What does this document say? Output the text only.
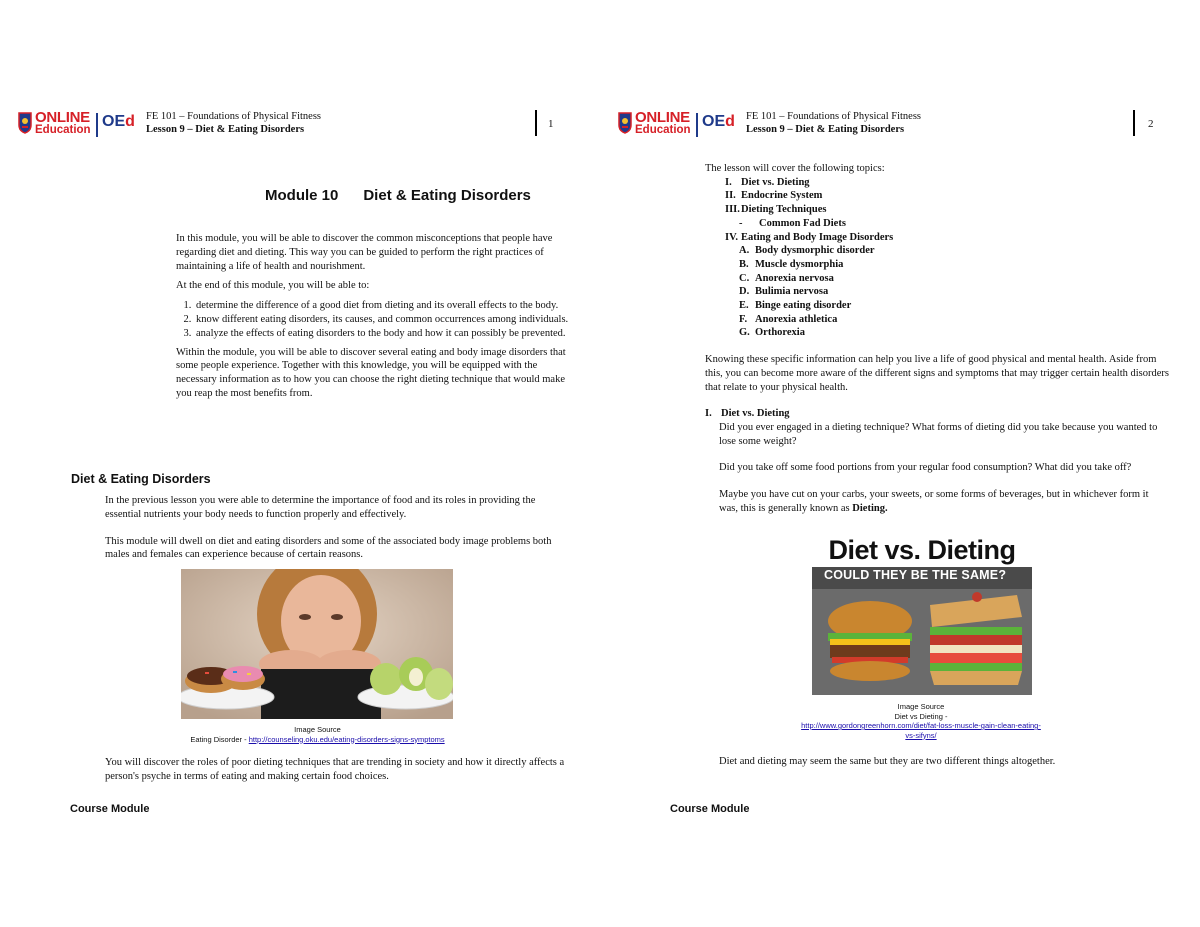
ONLINE
Education OEd FE 101 – Foundations of Physical Fitness
Lesson 9 – Diet & Eating Disorders	1
Module 10      Diet & Eating Disorders

In this module, you will be able to discover the common misconceptions that people have regarding diet and dieting. This way you can be guided to perform the right practices of maintaining a life of health and nourishment.

At the end of this module, you will be able to:

1. determine the difference of a good diet from dieting and its overall effects to the body.
2. know different eating disorders, its causes, and common occurrences among individuals.
3. analyze the effects of eating disorders to the body and how it can possibly be prevented.

Within the module, you will be able to discover several eating and body image disorders that some people experience. Together with this knowledge, you will be equipped with the necessary information as to how you can choose the right dieting technique that would make you reap the most benefits from.

Diet & Eating Disorders

In the previous lesson you were able to determine the importance of food and its roles in providing the essential nutrients your body needs to function properly and effectively.

This module will dwell on diet and eating disorders and some of the associated body image problems both males and females can experience because of certain reasons.

Image Source
Eating Disorder - http://counseling.oku.edu/eating-disorders-signs-symptoms
You will discover the roles of poor dieting techniques that are trending in society and how it directly affects a person's psyche in terms of eating and making certain food choices.
Course Module
ONLINE
Education OEd FE 101 – Foundations of Physical Fitness
Lesson 9 – Diet & Eating Disorders	2
Course Module

The lesson will cover the following topics:

I. Diet vs. Dieting
II. Endocrine System
III.Dieting Techniques
- Common Fad Diets
IV. Eating and Body Image Disorders
A. Body dysmorphic disorder
B. Muscle dysmorphia
C. Anorexia nervosa
D. Bulimia nervosa
E. Binge eating disorder
F. Anorexia athletica
G. Orthorexia

Knowing these specific information can help you live a life of good physical and mental health. Aside from this, you can become more aware of the different signs and symptoms that may trigger certain health disorders that relate to your physical health.

I. Diet vs. Dieting

Did you ever engaged in a dieting technique? What forms of dieting did you take because you wanted to lose some weight?

Did you take off some food portions from your regular food consumption? What did you take off?

Maybe you have cut on your carbs, your sweets, or some forms of beverages, but in whichever form it was, this is generally known as Dieting.

Diet vs. Dieting
COULD THEY BE THE SAME?
Image Source
Diet vs Dieting -
http://www.gordongreenhorn.com/diet/fat-loss-muscle-gain-clean-eating-vs-sifyns/
Diet and dieting may seem the same but they are two different things altogether.
